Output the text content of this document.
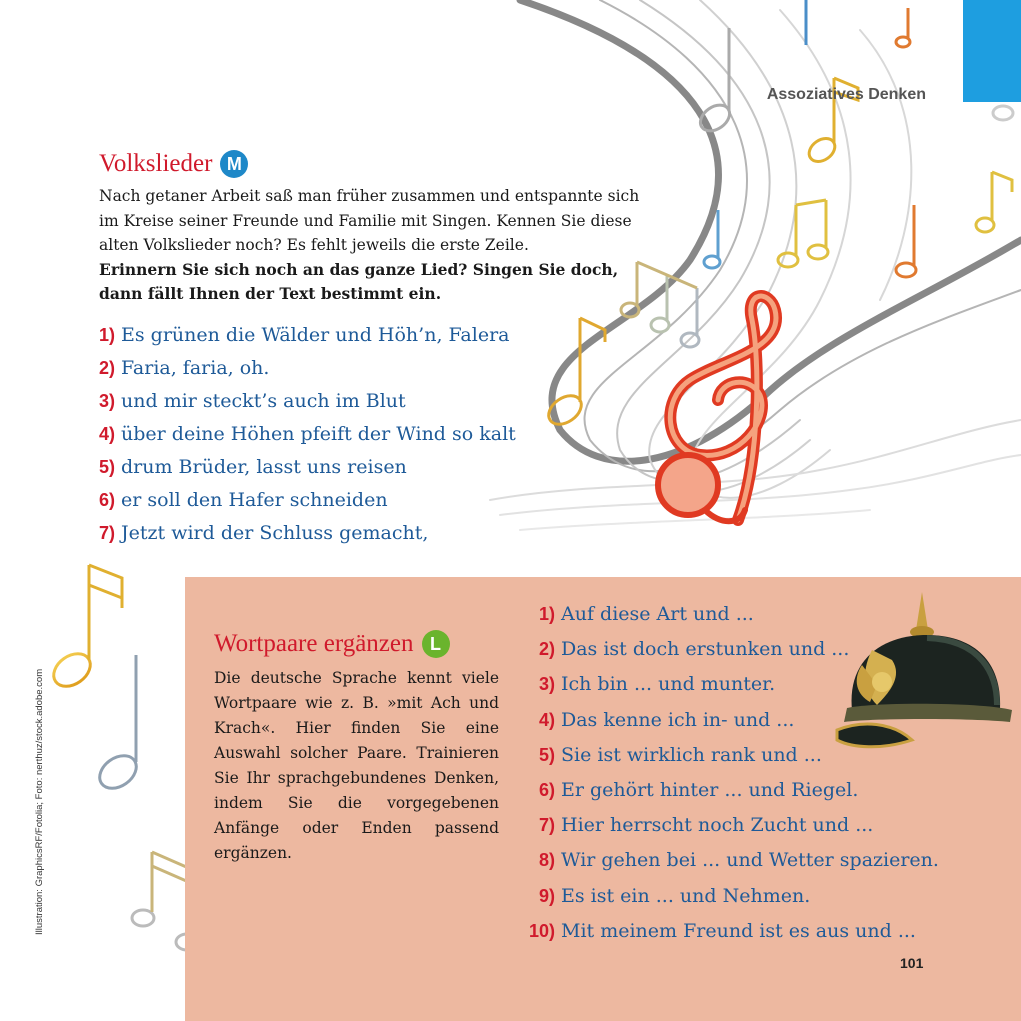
Assoziatives Denken
Volkslieder M
Nach getaner Arbeit saß man früher zusammen und entspannte sich im Kreise seiner Freunde und Familie mit Singen. Kennen Sie diese alten Volkslieder noch? Es fehlt jeweils die erste Zeile.
Erinnern Sie sich noch an das ganze Lied? Singen Sie doch, dann fällt Ihnen der Text bestimmt ein.
1) Es grünen die Wälder und Höh’n, Falera
2) Faria, faria, oh.
3) und mir steckt’s auch im Blut
4) über deine Höhen pfeift der Wind so kalt
5) drum Brüder, lasst uns reisen
6) er soll den Hafer schneiden
7) Jetzt wird der Schluss gemacht,
Wortpaare ergänzen L
Die deutsche Sprache kennt viele Wortpaare wie z. B. »mit Ach und Krach«. Hier finden Sie eine Auswahl solcher Paare. Trainieren Sie Ihr sprachgebundenes Denken, indem Sie die vorgegebenen Anfänge oder Enden passend ergänzen.
1) Auf diese Art und ...
2) Das ist doch erstunken und ...
3) Ich bin ... und munter.
4) Das kenne ich in- und ...
5) Sie ist wirklich rank und ...
6) Er gehört hinter ... und Riegel.
7) Hier herrscht noch Zucht und ...
8) Wir gehen bei ... und Wetter spazieren.
9) Es ist ein ... und Nehmen.
10) Mit meinem Freund ist es aus und ...
101
Illustration: GraphicsRF/Fotolia; Foto: nerthuz/stock.adobe.com
